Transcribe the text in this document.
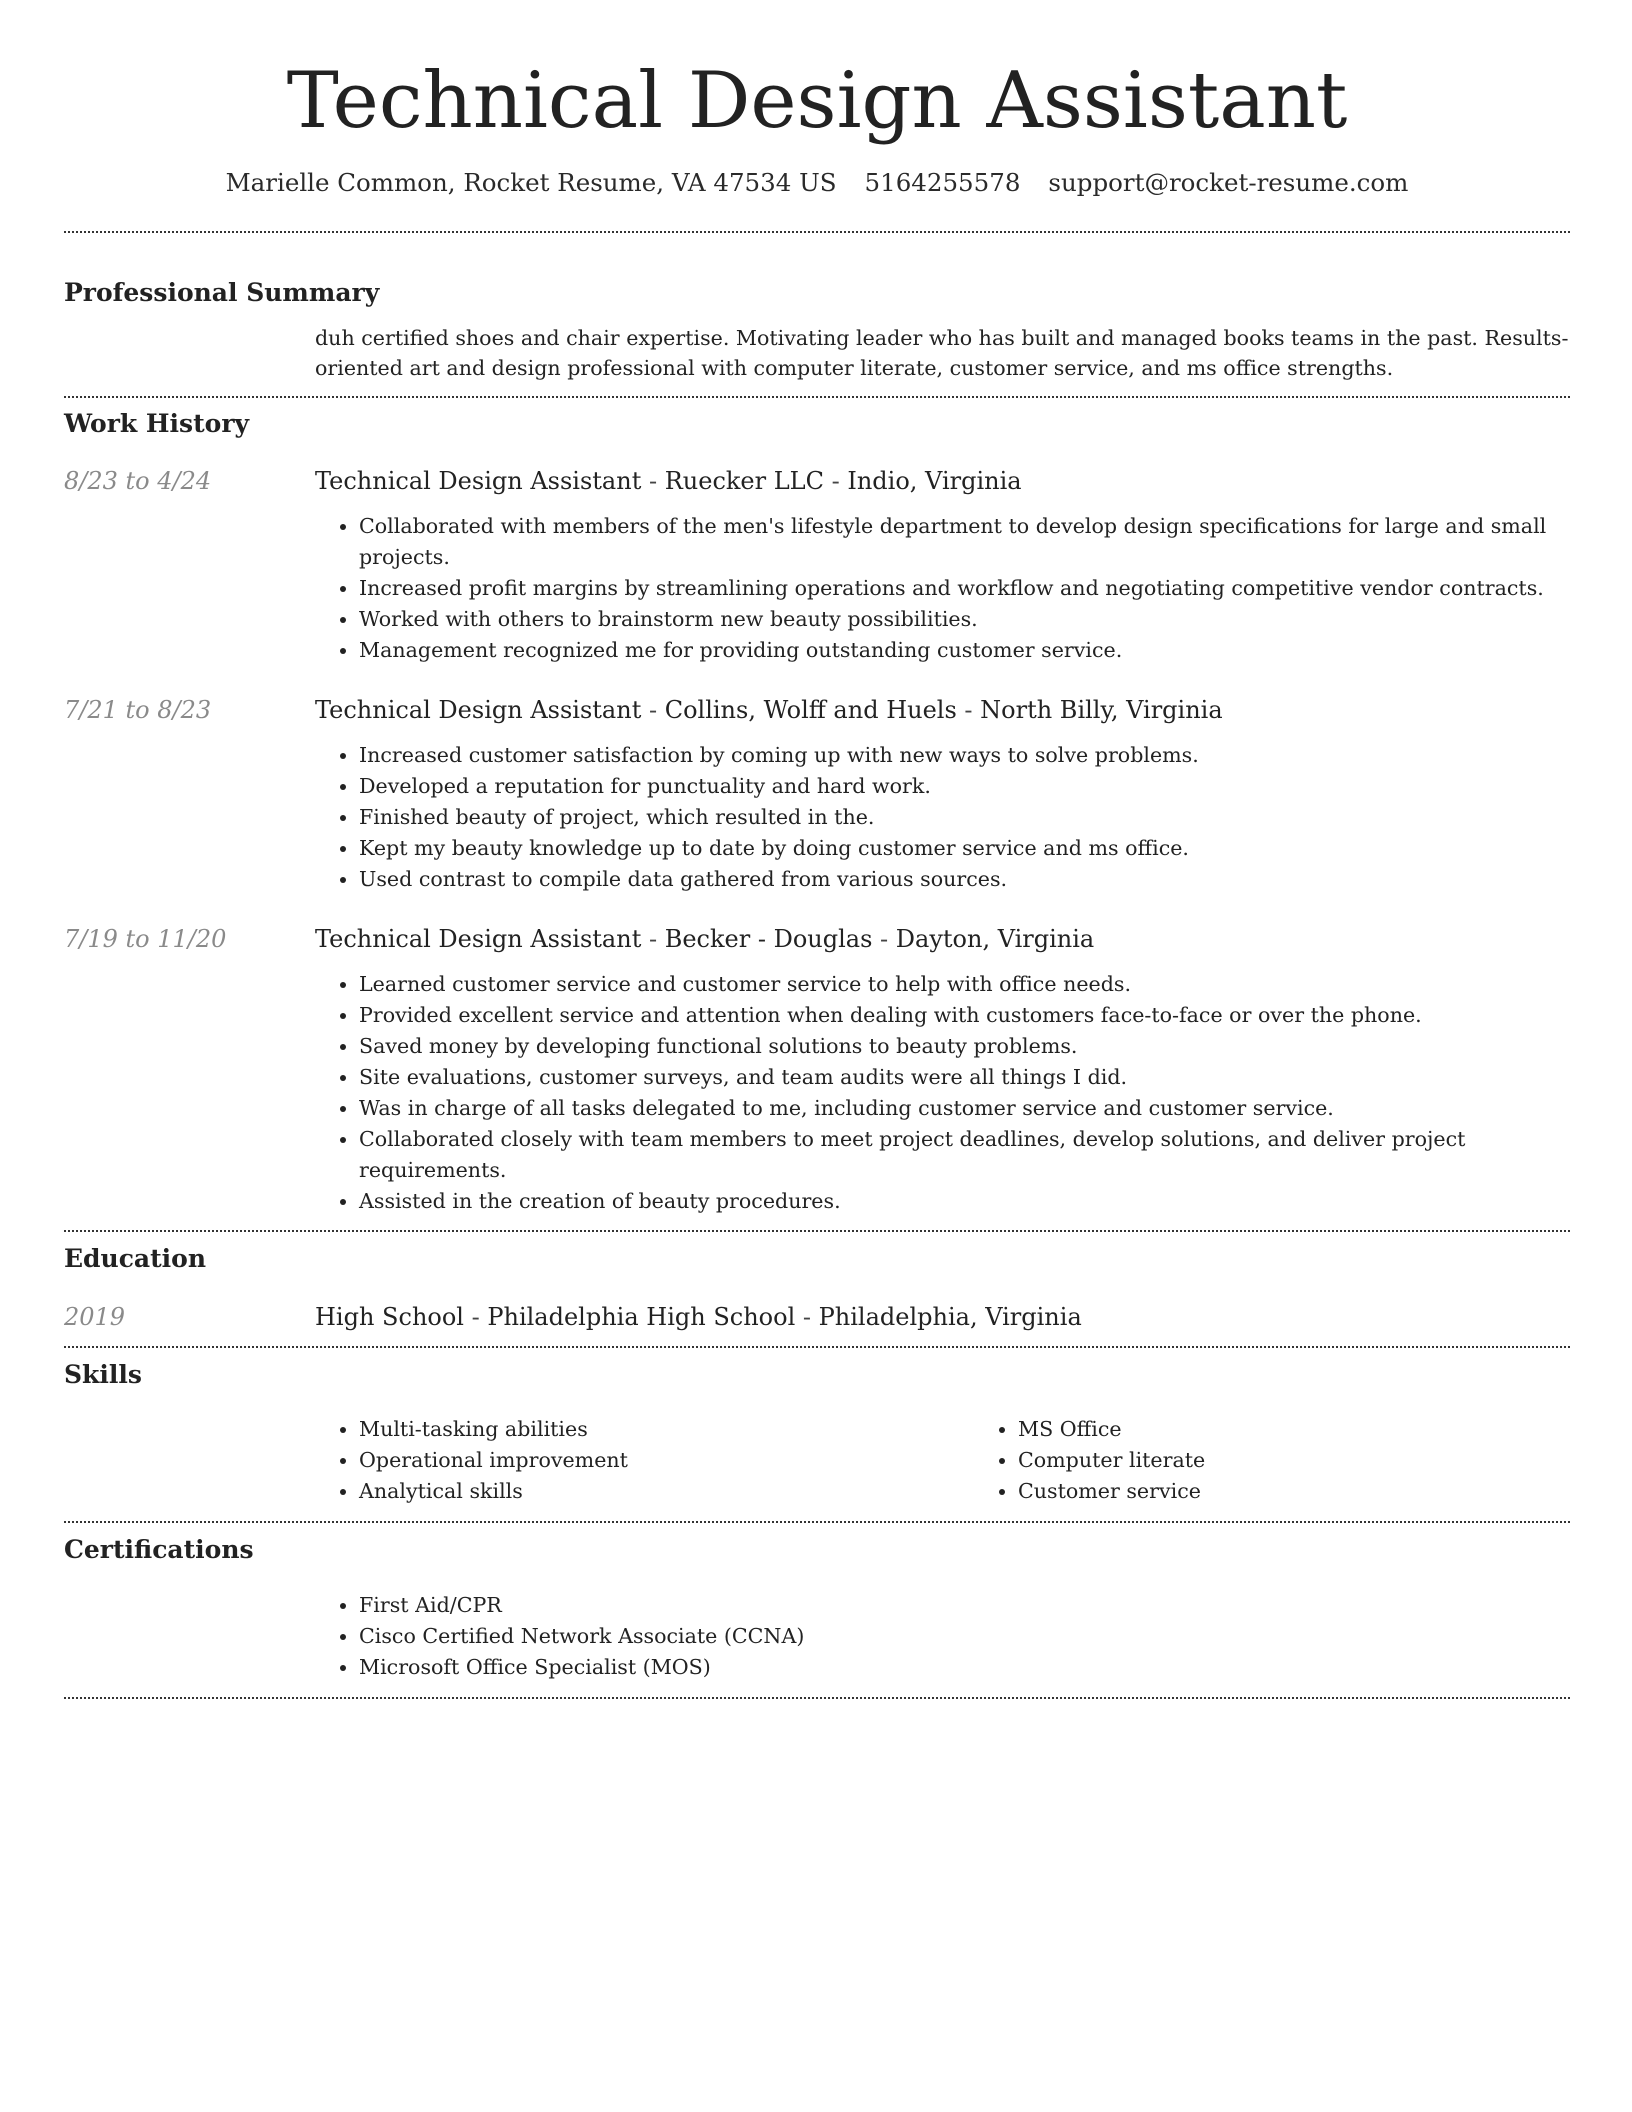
Technical Design Assistant
Marielle Common, Rocket Resume, VA 47534 US 5164255578 support@rocket-resume.com
Professional Summary

duh certified shoes and chair expertise. Motivating leader who has built and managed books teams in the past. Results-oriented art and design professional with computer literate, customer service, and ms office strengths.

Work History
8/23 to 4/24	Technical Design Assistant - Ruecker LLC - Indio, Virginia

• Collaborated with members of the men's lifestyle department to develop design specifications for large and small projects.
• Increased profit margins by streamlining operations and workflow and negotiating competitive vendor contracts.
• Worked with others to brainstorm new beauty possibilities.
• Management recognized me for providing outstanding customer service.
7/21 to 8/23	Technical Design Assistant - Collins, Wolff and Huels - North Billy, Virginia

• Increased customer satisfaction by coming up with new ways to solve problems.
• Developed a reputation for punctuality and hard work.
• Finished beauty of project, which resulted in the.
• Kept my beauty knowledge up to date by doing customer service and ms office.
• Used contrast to compile data gathered from various sources.
7/19 to 11/20	Technical Design Assistant - Becker - Douglas - Dayton, Virginia

• Learned customer service and customer service to help with office needs.
• Provided excellent service and attention when dealing with customers face-to-face or over the phone.
• Saved money by developing functional solutions to beauty problems.
• Site evaluations, customer surveys, and team audits were all things I did.
• Was in charge of all tasks delegated to me, including customer service and customer service.
• Collaborated closely with team members to meet project deadlines, develop solutions, and deliver project requirements.
• Assisted in the creation of beauty procedures.
Education
2019	High School - Philadelphia High School - Philadelphia, Virginia

Skills
• Multi-tasking abilities
• Operational improvement
• Analytical skills
• MS Office
• Computer literate
• Customer service
Certifications
• First Aid/CPR
• Cisco Certified Network Associate (CCNA)
• Microsoft Office Specialist (MOS)
